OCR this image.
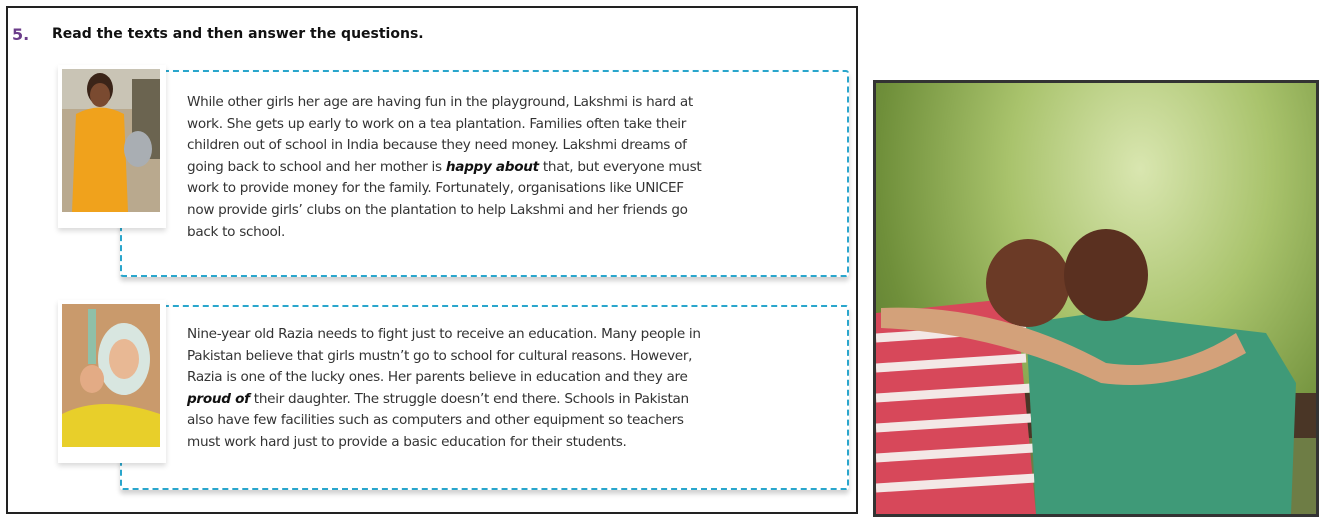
5. Read the texts and then answer the questions.
While other girls her age are having fun in the playground, Lakshmi is hard at
work. She gets up early to work on a tea plantation. Families often take their
children out of school in India because they need money. Lakshmi dreams of
going back to school and her mother is happy about that, but everyone must
work to provide money for the family. Fortunately, organisations like UNICEF
now provide girls’ clubs on the plantation to help Lakshmi and her friends go
back to school.
Nine-year old Razia needs to fight just to receive an education. Many people in
Pakistan believe that girls mustn’t go to school for cultural reasons. However,
Razia is one of the lucky ones. Her parents believe in education and they are
proud of their daughter. The struggle doesn’t end there. Schools in Pakistan
also have few facilities such as computers and other equipment so teachers
must work hard just to provide a basic education for their students.
